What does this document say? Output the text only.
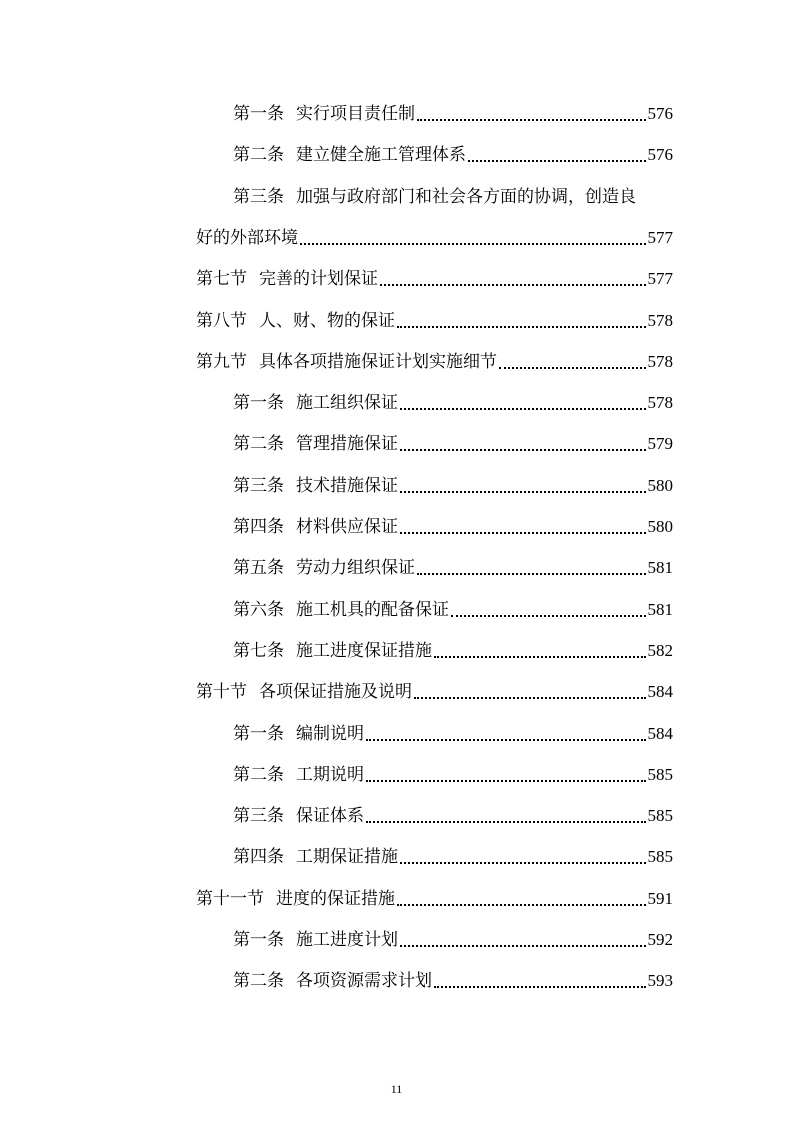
第一条 实行项目责任制	576
第二条 建立健全施工管理体系	576
第三条 加强与政府部门和社会各方面的协调，创造良
好的外部环境	577
第七节 完善的计划保证	577
第八节 人、财、物的保证	578
第九节 具体各项措施保证计划实施细节	578
第一条 施工组织保证	578
第二条 管理措施保证	579
第三条 技术措施保证	580
第四条 材料供应保证	580
第五条 劳动力组织保证	581
第六条 施工机具的配备保证	581
第七条 施工进度保证措施	582
第十节 各项保证措施及说明	584
第一条 编制说明	584
第二条 工期说明	585
第三条 保证体系	585
第四条 工期保证措施	585
第十一节 进度的保证措施	591
第一条 施工进度计划	592
第二条 各项资源需求计划	593
11
